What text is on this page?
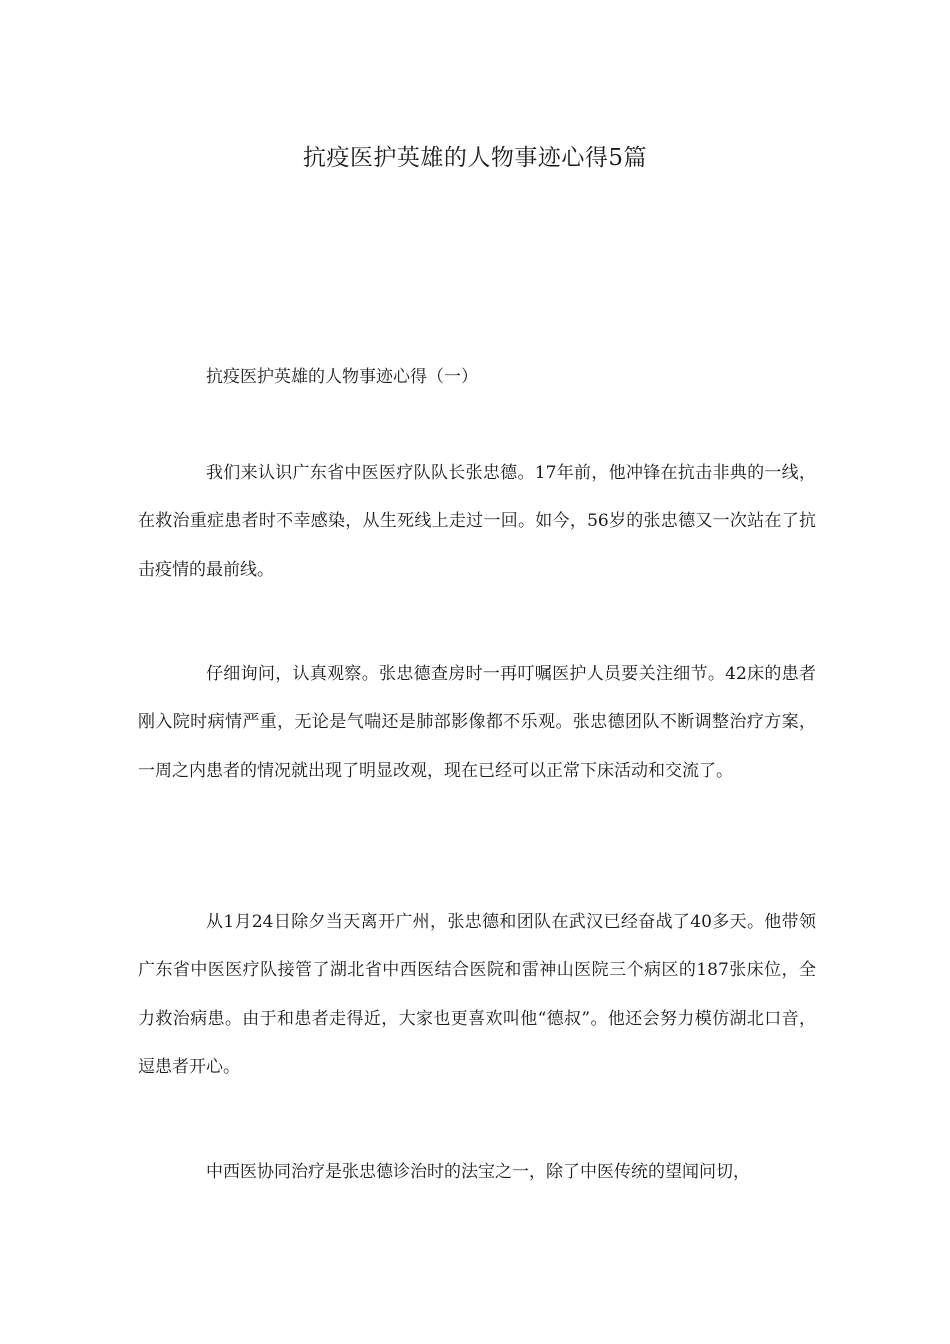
抗疫医护英雄的人物事迹心得5篇
抗疫医护英雄的人物事迹心得（一）

我们来认识广东省中医医疗队队长张忠德。17年前，他冲锋在抗击非典的一线，在救治重症患者时不幸感染，从生死线上走过一回。如今，56岁的张忠德又一次站在了抗击疫情的最前线。

仔细询问，认真观察。张忠德查房时一再叮嘱医护人员要关注细节。42床的患者刚入院时病情严重，无论是气喘还是肺部影像都不乐观。张忠德团队不断调整治疗方案，一周之内患者的情况就出现了明显改观，现在已经可以正常下床活动和交流了。

从1月24日除夕当天离开广州，张忠德和团队在武汉已经奋战了40多天。他带领广东省中医医疗队接管了湖北省中西医结合医院和雷神山医院三个病区的187张床位，全力救治病患。由于和患者走得近，大家也更喜欢叫他“德叔”。他还会努力模仿湖北口音，逗患者开心。

中西医协同治疗是张忠德诊治时的法宝之一，除了中医传统的望闻问切，
